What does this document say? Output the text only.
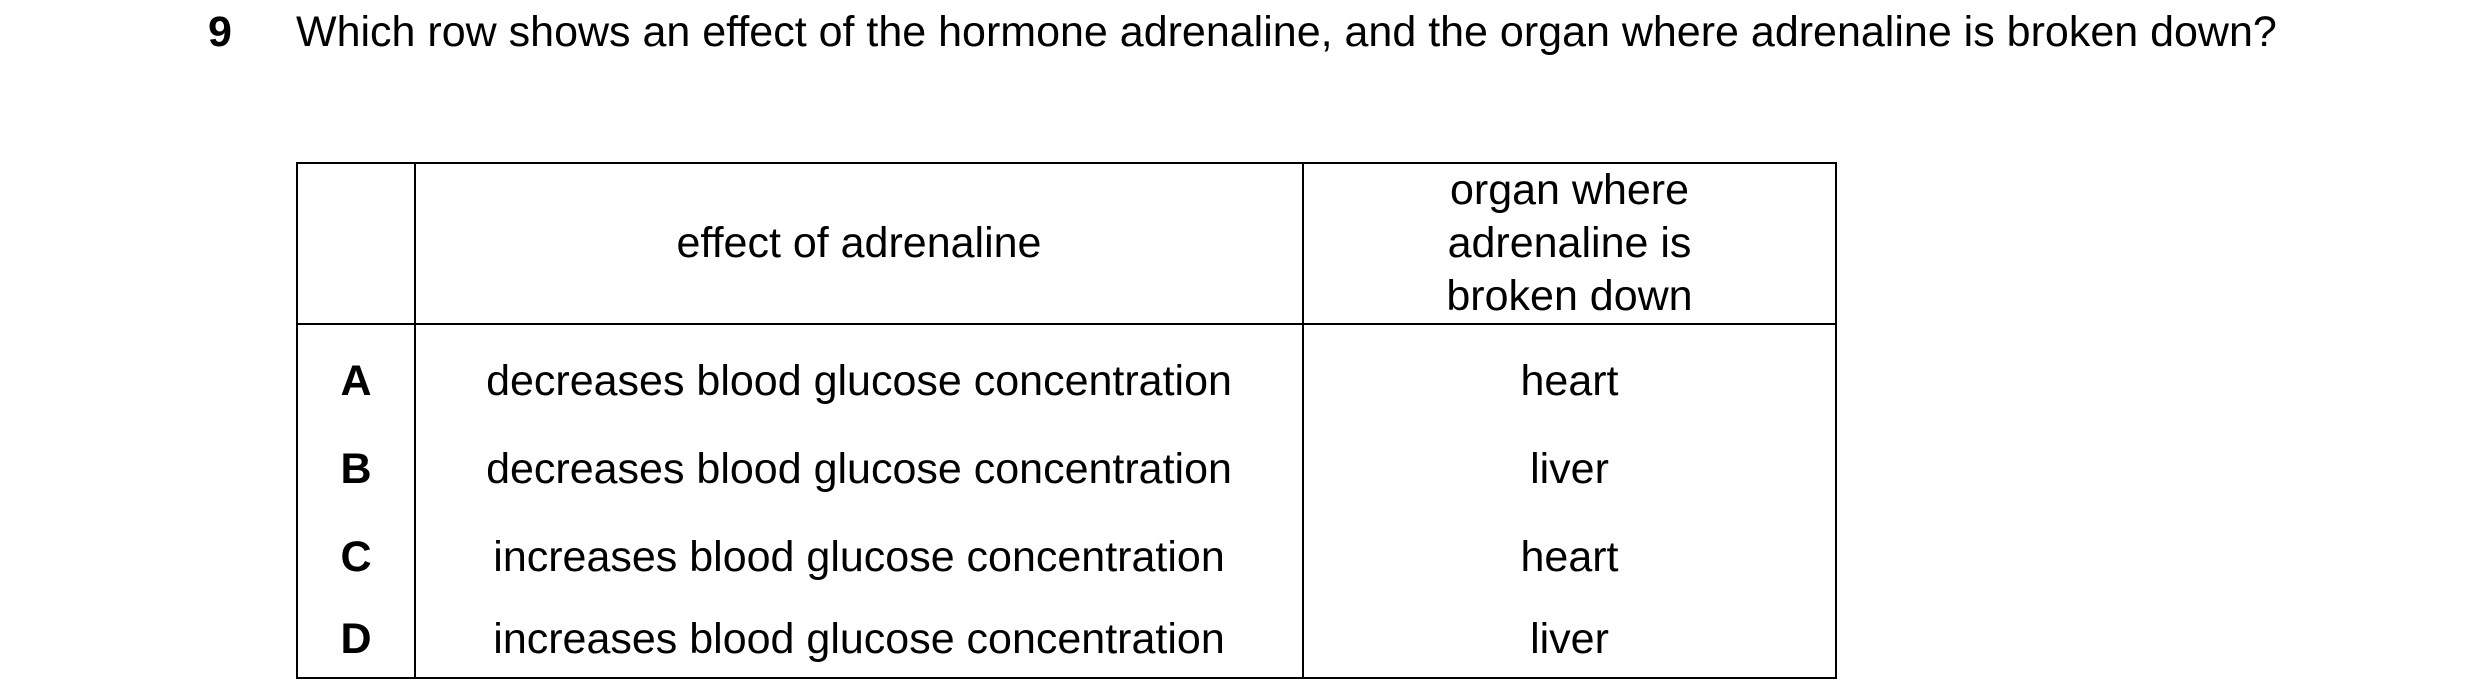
9 Which row shows an effect of the hormone adrenaline, and the organ where adrenaline is broken down?
	effect of adrenaline	organ where adrenaline is broken down

A	decreases blood glucose concentration	heart
B	decreases blood glucose concentration	liver
C	increases blood glucose concentration	heart
D	increases blood glucose concentration	liver
